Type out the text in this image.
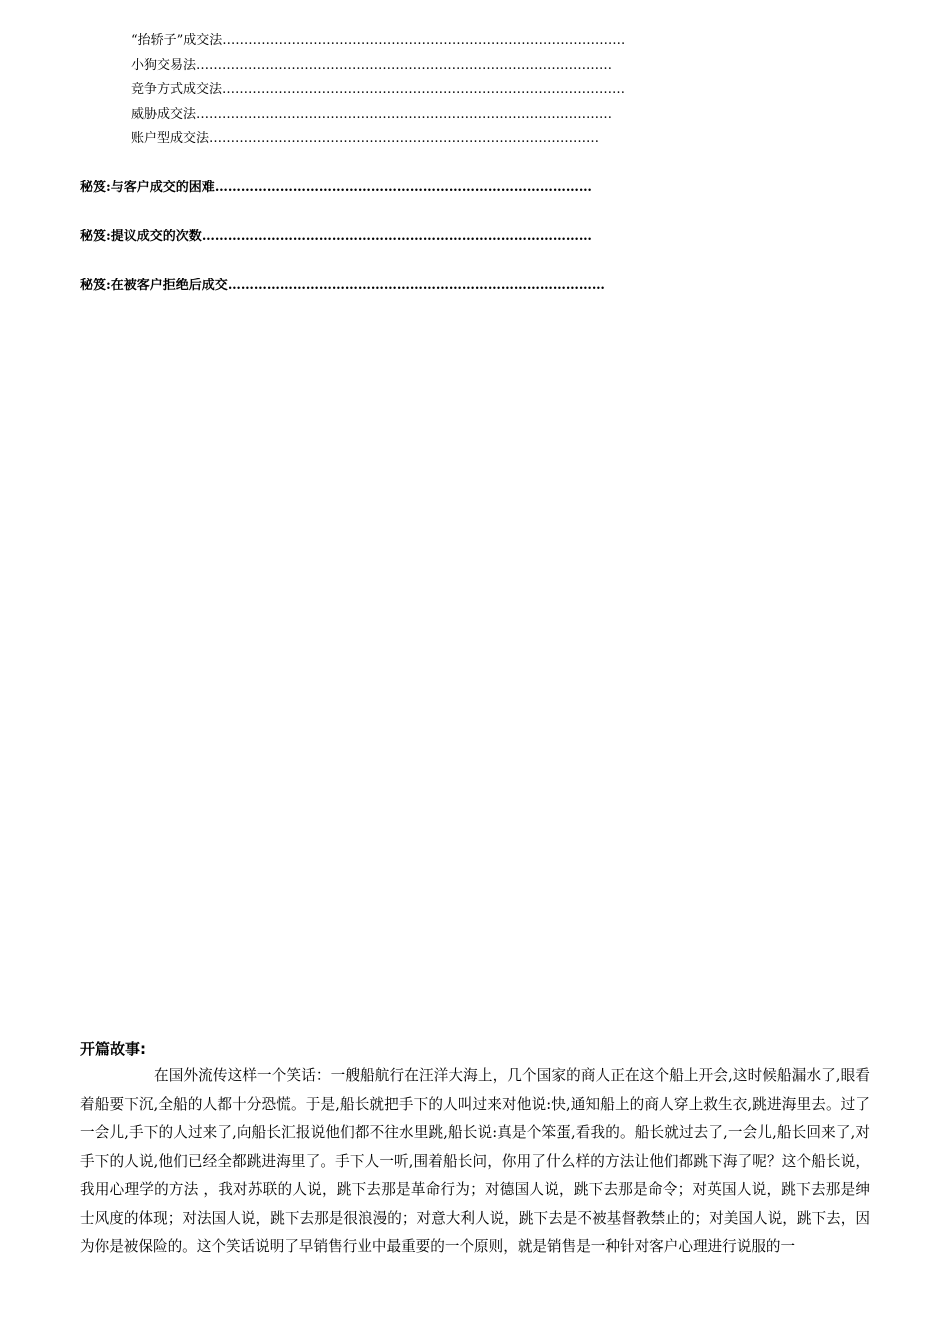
“抬轿子”成交法…………………………………………………………………………………
小狗交易法……………………………………………………………………………………
竞争方式成交法…………………………………………………………………………………
威胁成交法……………………………………………………………………………………
账户型成交法………………………………………………………………………………
秘笈:与客户成交的困难……………………………………………………………………………
秘笈:提议成交的次数………………………………………………………………………………
秘笈:在被客户拒绝后成交……………………………………………………………………………
开篇故事:

在国外流传这样一个笑话：一艘船航行在汪洋大海上，几个国家的商人正在这个船上开会,这时候船漏水了,眼看着船要下沉,全船的人都十分恐慌。于是,船长就把手下的人叫过来对他说:快,通知船上的商人穿上救生衣,跳进海里去。过了一会儿,手下的人过来了,向船长汇报说他们都不往水里跳,船长说:真是个笨蛋,看我的。船长就过去了,一会儿,船长回来了,对手下的人说,他们已经全都跳进海里了。手下人一听,围着船长问，你用了什么样的方法让他们都跳下海了呢？这个船长说，我用心理学的方法 ，我对苏联的人说，跳下去那是革命行为；对德国人说，跳下去那是命令；对英国人说，跳下去那是绅士风度的体现；对法国人说，跳下去那是很浪漫的；对意大利人说，跳下去是不被基督教禁止的；对美国人说，跳下去，因为你是被保险的。这个笑话说明了早销售行业中最重要的一个原则，就是销售是一种针对客户心理进行说服的一
